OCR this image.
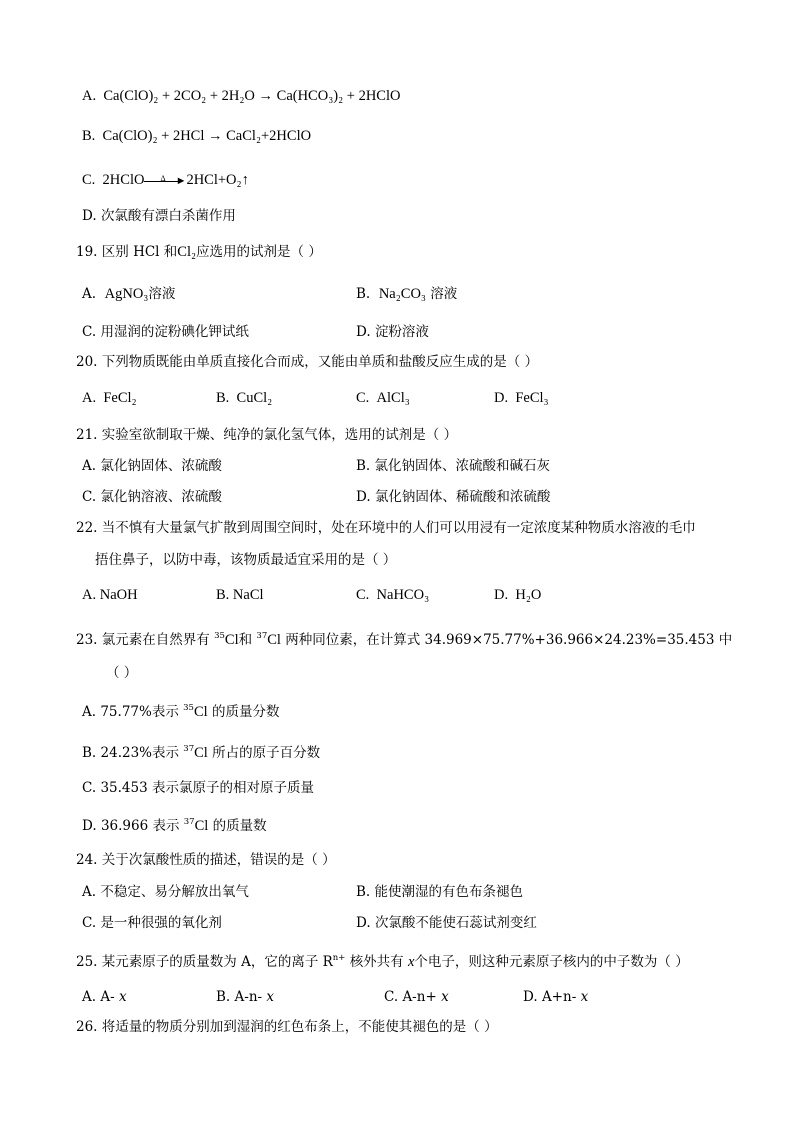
A. Ca(ClO)₂ + 2CO₂ + 2H₂O → Ca(HCO₃)₂ + 2HClO
B. Ca(ClO)₂ + 2HCl → CaCl₂+2HClO
C. 2HClO Δ ► 2HCl+O₂↑
D. 次氯酸有漂白杀菌作用
19. 区别 HCl 和Cl₂应选用的试剂是（ ）
A. AgNO₃溶液	B. Na₂CO₃ 溶液
C. 用湿润的淀粉碘化钾试纸	D. 淀粉溶液
20. 下列物质既能由单质直接化合而成，又能由单质和盐酸反应生成的是（ ）
A. FeCl₂	B. CuCl₂	C. AlCl₃	D. FeCl₃
21. 实验室欲制取干燥、纯净的氯化氢气体，选用的试剂是（ ）
A. 氯化钠固体、浓硫酸	B. 氯化钠固体、浓硫酸和碱石灰
C. 氯化钠溶液、浓硫酸	D. 氯化钠固体、稀硫酸和浓硫酸
22. 当不慎有大量氯气扩散到周围空间时，处在环境中的人们可以用浸有一定浓度某种物质水溶液的毛巾
捂住鼻子，以防中毒，该物质最适宜采用的是（ ）
A. NaOH	B. NaCl	C. NaHCO₃	D. H₂O
23. 氯元素在自然界有 $^{35}$Cl和 $^{37}$Cl 两种同位素，在计算式 34.969×75.77%+36.966×24.23%=35.453 中
（ ）
A. 75.77%表示 $^{35}$Cl 的质量分数
B. 24.23%表示 $^{37}$Cl 所占的原子百分数
C. 35.453 表示氯原子的相对原子质量
D. 36.966 表示 $^{37}$Cl 的质量数
24. 关于次氯酸性质的描述，错误的是（ ）
A. 不稳定、易分解放出氧气	B. 能使潮湿的有色布条褪色
C. 是一种很强的氧化剂	D. 次氯酸不能使石蕊试剂变红
25. 某元素原子的质量数为 A，它的离子 $R^{n+}$ 核外共有 x个电子，则这种元素原子核内的中子数为（ ）
A. A- x	B. A-n- x	C. A-n+ x	D. A+n- x
26. 将适量的物质分别加到湿润的红色布条上，不能使其褪色的是（ ）
